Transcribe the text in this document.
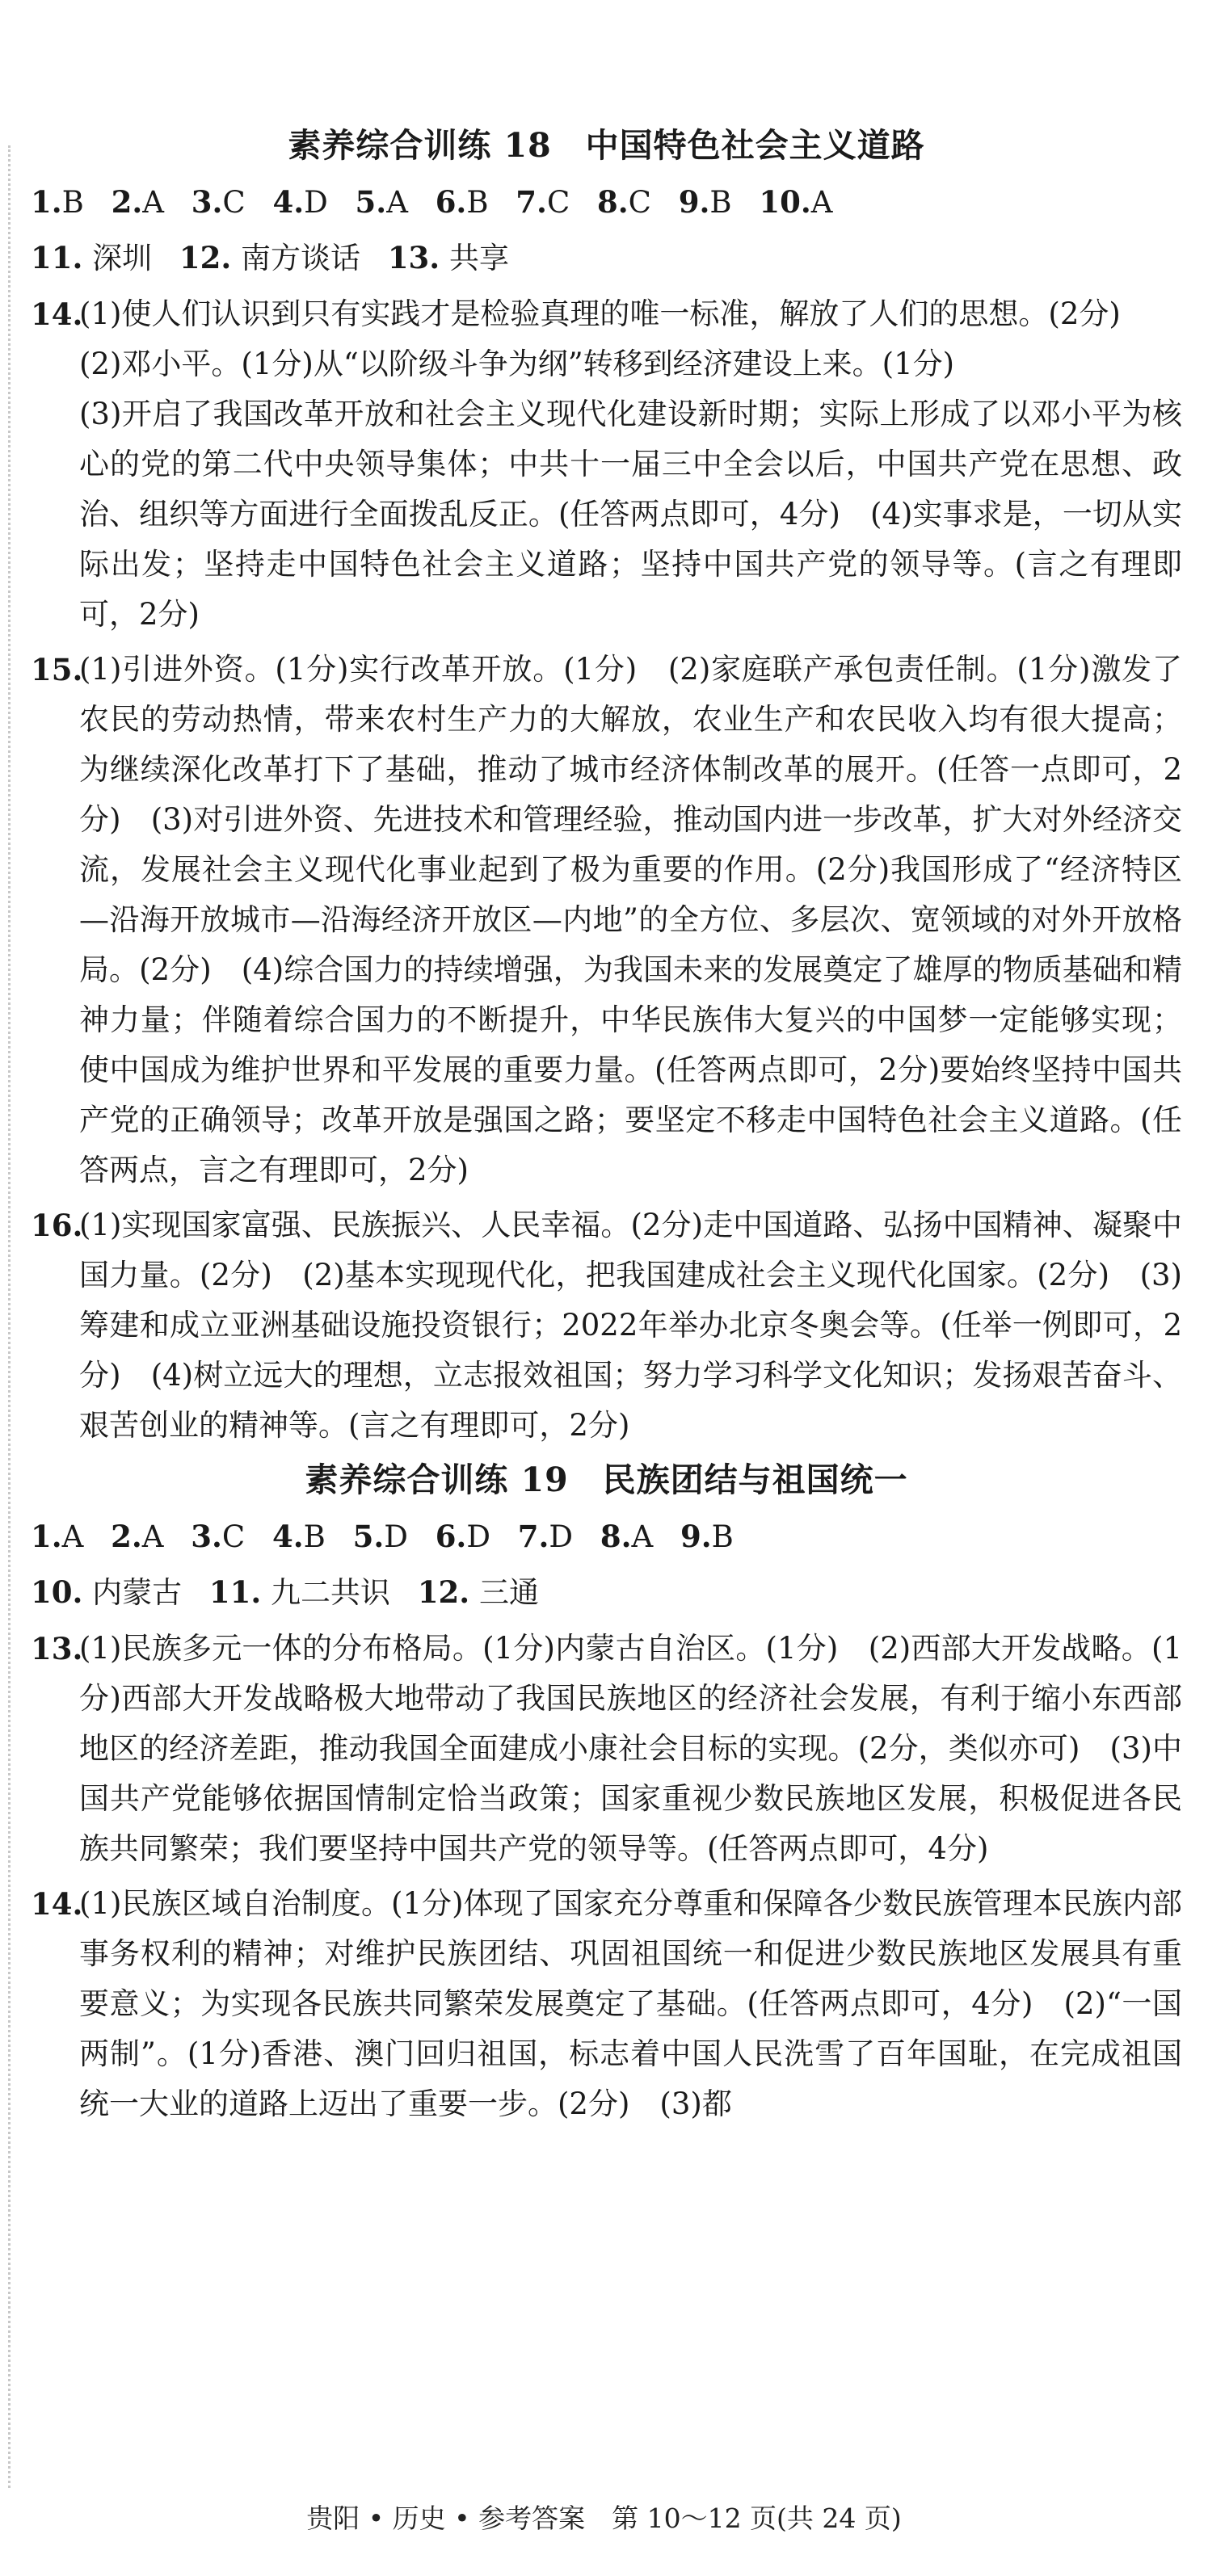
素养综合训练 18　中国特色社会主义道路
1.B 2.A 3.C 4.D 5.A 6.B 7.C 8.C 9.B 10.A
11. 深圳 12. 南方谈话 13. 共享
14.

(1)使人们认识到只有实践才是检验真理的唯一标准，解放了人们的思想。(2分)

(2)邓小平。(1分)从“以阶级斗争为纲”转移到经济建设上来。(1分)

(3)开启了我国改革开放和社会主义现代化建设新时期；实际上形成了以邓小平为核心的党的第二代中央领导集体；中共十一届三中全会以后，中国共产党在思想、政治、组织等方面进行全面拨乱反正。(任答两点即可，4分)　(4)实事求是，一切从实际出发；坚持走中国特色社会主义道路；坚持中国共产党的领导等。(言之有理即可，2分)

15.

(1)引进外资。(1分)实行改革开放。(1分)　(2)家庭联产承包责任制。(1分)激发了农民的劳动热情，带来农村生产力的大解放，农业生产和农民收入均有很大提高；为继续深化改革打下了基础，推动了城市经济体制改革的展开。(任答一点即可，2分)　(3)对引进外资、先进技术和管理经验，推动国内进一步改革，扩大对外经济交流，发展社会主义现代化事业起到了极为重要的作用。(2分)我国形成了“经济特区—沿海开放城市—沿海经济开放区—内地”的全方位、多层次、宽领域的对外开放格局。(2分)　(4)综合国力的持续增强，为我国未来的发展奠定了雄厚的物质基础和精神力量；伴随着综合国力的不断提升，中华民族伟大复兴的中国梦一定能够实现；使中国成为维护世界和平发展的重要力量。(任答两点即可，2分)要始终坚持中国共产党的正确领导；改革开放是强国之路；要坚定不移走中国特色社会主义道路。(任答两点，言之有理即可，2分)

16.

(1)实现国家富强、民族振兴、人民幸福。(2分)走中国道路、弘扬中国精神、凝聚中国力量。(2分)　(2)基本实现现代化，把我国建成社会主义现代化国家。(2分)　(3)筹建和成立亚洲基础设施投资银行；2022年举办北京冬奥会等。(任举一例即可，2分)　(4)树立远大的理想，立志报效祖国；努力学习科学文化知识；发扬艰苦奋斗、艰苦创业的精神等。(言之有理即可，2分)

素养综合训练 19　民族团结与祖国统一
1.A 2.A 3.C 4.B 5.D 6.D 7.D 8.A 9.B
10. 内蒙古 11. 九二共识 12. 三通
13.

(1)民族多元一体的分布格局。(1分)内蒙古自治区。(1分)　(2)西部大开发战略。(1分)西部大开发战略极大地带动了我国民族地区的经济社会发展，有利于缩小东西部地区的经济差距，推动我国全面建成小康社会目标的实现。(2分，类似亦可)　(3)中国共产党能够依据国情制定恰当政策；国家重视少数民族地区发展，积极促进各民族共同繁荣；我们要坚持中国共产党的领导等。(任答两点即可，4分)

14.

(1)民族区域自治制度。(1分)体现了国家充分尊重和保障各少数民族管理本民族内部事务权利的精神；对维护民族团结、巩固祖国统一和促进少数民族地区发展具有重要意义；为实现各民族共同繁荣发展奠定了基础。(任答两点即可，4分)　(2)“一国两制”。(1分)香港、澳门回归祖国，标志着中国人民洗雪了百年国耻，在完成祖国统一大业的道路上迈出了重要一步。(2分)　(3)都

贵阳 • 历史 • 参考答案　第 10～12 页(共 24 页)
